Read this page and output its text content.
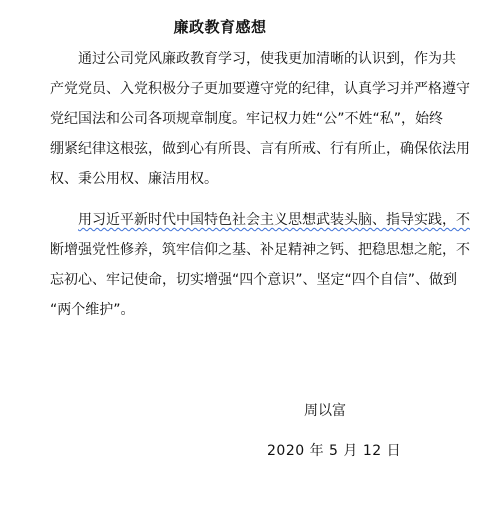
廉政教育感想
通过公司党风廉政教育学习，使我更加清晰的认识到，作为共
产党党员、入党积极分子更加要遵守党的纪律，认真学习并严格遵守
党纪国法和公司各项规章制度。牢记权力姓“公”不姓“私”，始终
绷紧纪律这根弦，做到心有所畏、言有所戒、行有所止，确保依法用
权、秉公用权、廉洁用权。
用习近平新时代中国特色社会主义思想武装头脑、指导实践，不
断增强党性修养，筑牢信仰之基、补足精神之钙、把稳思想之舵，不
忘初心、牢记使命，切实增强“四个意识”、坚定“四个自信”、做到
“两个维护”。
周以富
2020 年 5 月 12 日
